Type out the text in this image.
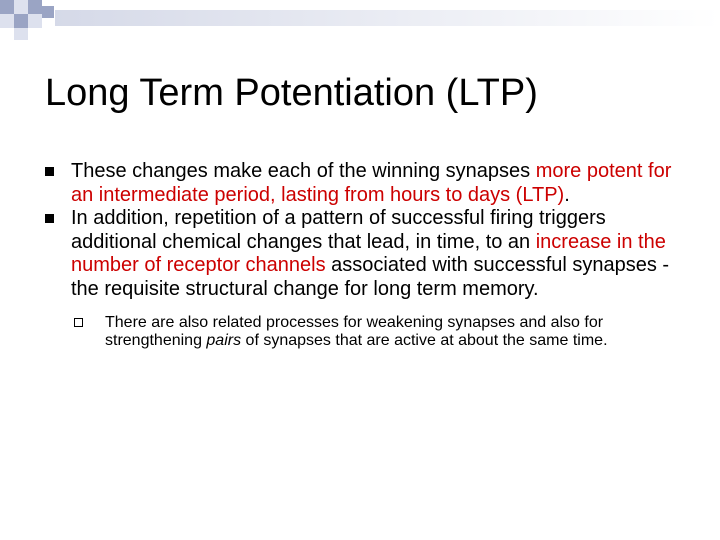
Long Term Potentiation (LTP)
These changes make each of the winning synapses more potent for an intermediate period, lasting from hours to days (LTP).
In addition, repetition of a pattern of successful firing triggers additional chemical changes that lead, in time, to an increase in the number of receptor channels associated with successful synapses - the requisite structural change for long term memory.
There are also related processes for weakening synapses and also for strengthening pairs of synapses that are active at about the same time.
